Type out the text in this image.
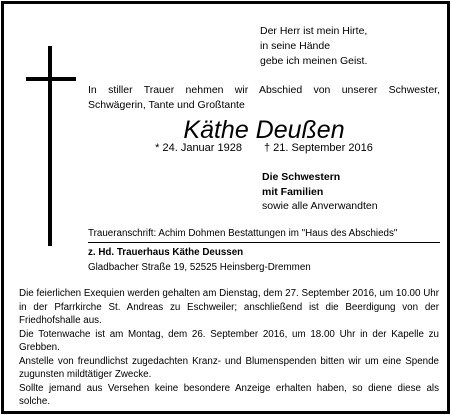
Der Herr ist mein Hirte,
in seine Hände
gebe ich meinen Geist.
In stiller Trauer nehmen wir Abschied von unserer Schwester,
Schwägerin, Tante und Großtante
Käthe Deußen
* 24. Januar 1928 † 21. September 2016
Die Schwestern
mit Familien
sowie alle Anverwandten
Traueranschrift: Achim Dohmen Bestattungen im "Haus des Abschieds"
z. Hd. Trauerhaus Käthe Deussen
Gladbacher Straße 19, 52525 Heinsberg-Dremmen

Die feierlichen Exequien werden gehalten am Dienstag, dem 27. September 2016, um 10.00 Uhr in der Pfarrkirche St. Andreas zu Eschweiler; anschließend ist die Beerdigung von der Friedhofshalle aus.

Die Totenwache ist am Montag, dem 26. September 2016, um 18.00 Uhr in der Kapelle zu Grebben.

Anstelle von freundlichst zugedachten Kranz- und Blumenspenden bitten wir um eine Spende zugunsten mildtätiger Zwecke.

Sollte jemand aus Versehen keine besondere Anzeige erhalten haben, so diene diese als solche.
